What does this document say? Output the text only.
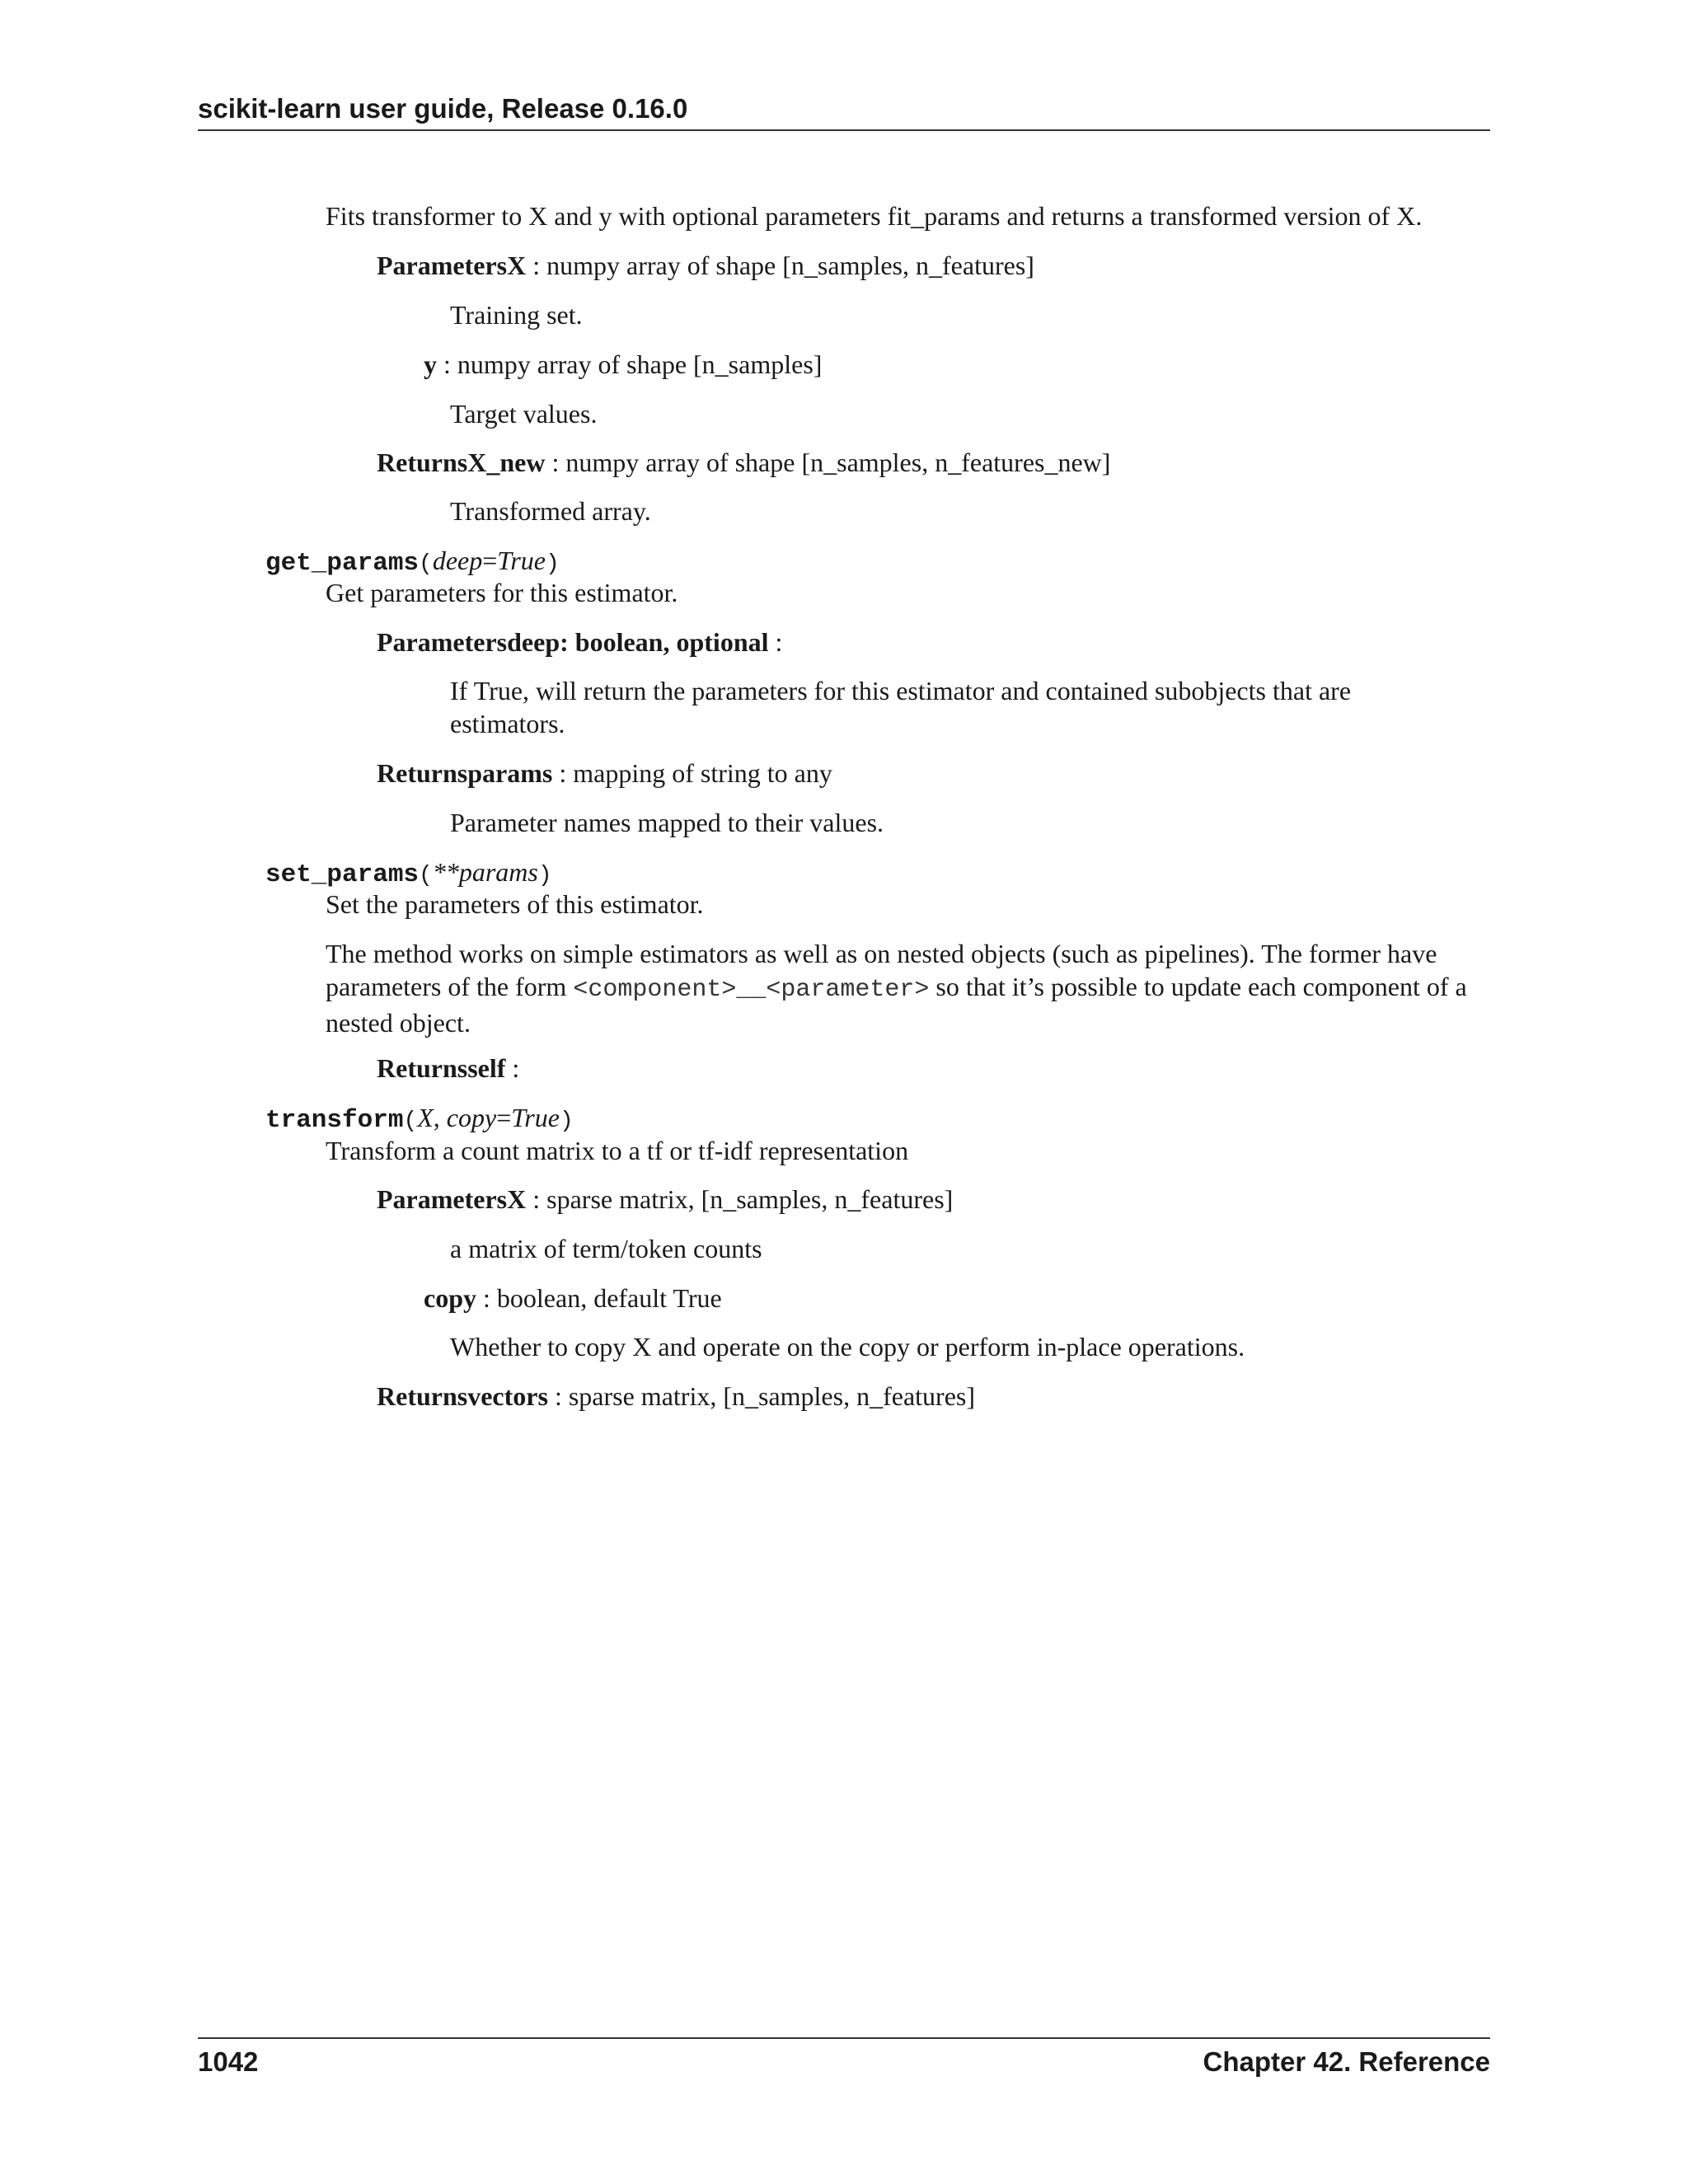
scikit-learn user guide, Release 0.16.0
Fits transformer to X and y with optional parameters fit_params and returns a transformed version of X.
ParametersX : numpy array of shape [n_samples, n_features]
Training set.
y : numpy array of shape [n_samples]
Target values.
ReturnsX_new : numpy array of shape [n_samples, n_features_new]
Transformed array.
get_params(deep=True)
Get parameters for this estimator.
Parametersdeep: boolean, optional :
If True, will return the parameters for this estimator and contained subobjects that are estimators.
Returnsparams : mapping of string to any
Parameter names mapped to their values.
set_params(**params)
Set the parameters of this estimator.
The method works on simple estimators as well as on nested objects (such as pipelines). The former have parameters of the form <component>__<parameter> so that it’s possible to update each component of a nested object.
Returnsself :
transform(X, copy=True)
Transform a count matrix to a tf or tf-idf representation
ParametersX : sparse matrix, [n_samples, n_features]
a matrix of term/token counts
copy : boolean, default True
Whether to copy X and operate on the copy or perform in-place operations.
Returnsvectors : sparse matrix, [n_samples, n_features]
1042	Chapter 42. Reference
